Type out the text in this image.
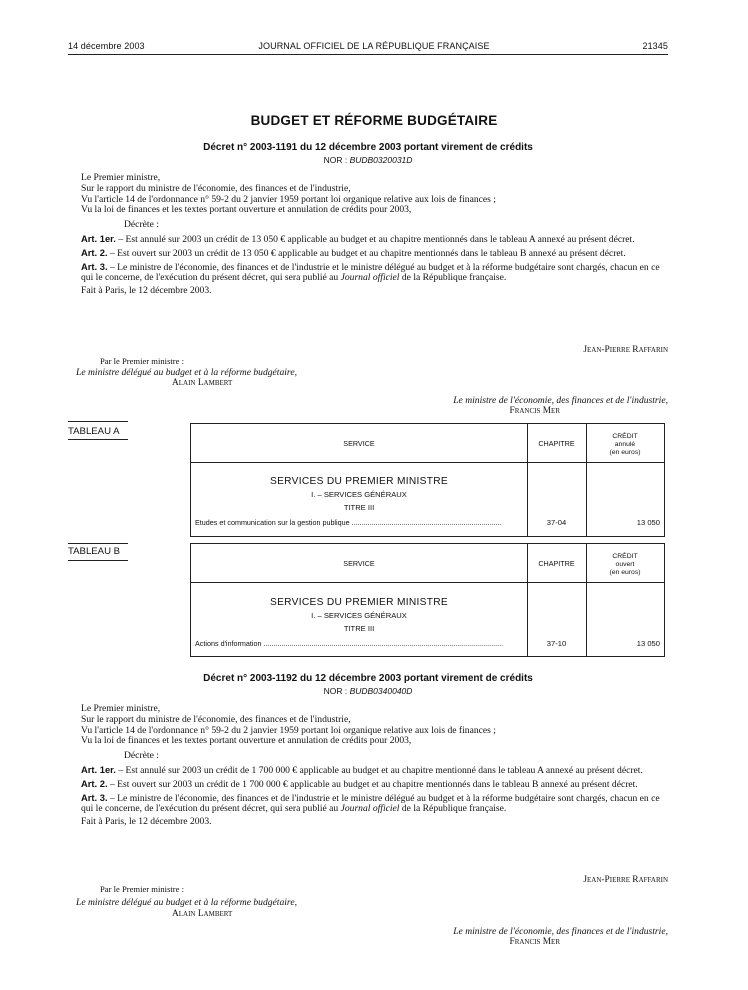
14 décembre 2003	JOURNAL OFFICIEL DE LA RÉPUBLIQUE FRANÇAISE	21345
BUDGET ET RÉFORME BUDGÉTAIRE
Décret n° 2003-1191 du 12 décembre 2003 portant virement de crédits
NOR : BUDB0320031D

Le Premier ministre,

Sur le rapport du ministre de l'économie, des finances et de l'industrie,

Vu l'article 14 de l'ordonnance n° 59-2 du 2 janvier 1959 portant loi organique relative aux lois de finances ;

Vu la loi de finances et les textes portant ouverture et annulation de crédits pour 2003,

Décrète :

Art. 1er. – Est annulé sur 2003 un crédit de 13 050 € applicable au budget et au chapitre mentionnés dans le tableau A annexé au présent décret.

Art. 2. – Est ouvert sur 2003 un crédit de 13 050 € applicable au budget et au chapitre mentionnés dans le tableau B annexé au présent décret.

Art. 3. – Le ministre de l'économie, des finances et de l'industrie et le ministre délégué au budget et à la réforme budgétaire sont chargés, chacun en ce qui le concerne, de l'exécution du présent décret, qui sera publié au Journal officiel de la République française.

Fait à Paris, le 12 décembre 2003.

Jean-Pierre Raffarin
Par le Premier ministre :
Le ministre délégué au budget et à la réforme budgétaire,
Alain Lambert
Le ministre de l'économie, des finances et de l'industrie,
Francis Mer
TABLEAU A
SERVICE	CHAPITRE
CRÉDIT
annulé
(en euros)
SERVICES DU PREMIER MINISTRE
I. – SERVICES GÉNÉRAUX
TITRE III
Etudes et communication sur la gestion publique ...........................................................................	37-04	13 050
TABLEAU B
SERVICE	CHAPITRE
CRÉDIT
ouvert
(en euros)
SERVICES DU PREMIER MINISTRE
I. – SERVICES GÉNÉRAUX
TITRE III
Actions d'information ........................................................................................................................	37-10	13 050
Décret n° 2003-1192 du 12 décembre 2003 portant virement de crédits
NOR : BUDB0340040D

Le Premier ministre,

Sur le rapport du ministre de l'économie, des finances et de l'industrie,

Vu l'article 14 de l'ordonnance n° 59-2 du 2 janvier 1959 portant loi organique relative aux lois de finances ;

Vu la loi de finances et les textes portant ouverture et annulation de crédits pour 2003,

Décrète :

Art. 1er. – Est annulé sur 2003 un crédit de 1 700 000 € applicable au budget et au chapitre mentionné dans le tableau A annexé au présent décret.

Art. 2. – Est ouvert sur 2003 un crédit de 1 700 000 € applicable au budget et au chapitre mentionnés dans le tableau B annexé au présent décret.

Art. 3. – Le ministre de l'économie, des finances et de l'industrie et le ministre délégué au budget et à la réforme budgétaire sont chargés, chacun en ce qui le concerne, de l'exécution du présent décret, qui sera publié au Journal officiel de la République française.

Fait à Paris, le 12 décembre 2003.

Jean-Pierre Raffarin
Par le Premier ministre :
Le ministre délégué au budget et à la réforme budgétaire,
Alain Lambert
Le ministre de l'économie, des finances et de l'industrie,
Francis Mer
